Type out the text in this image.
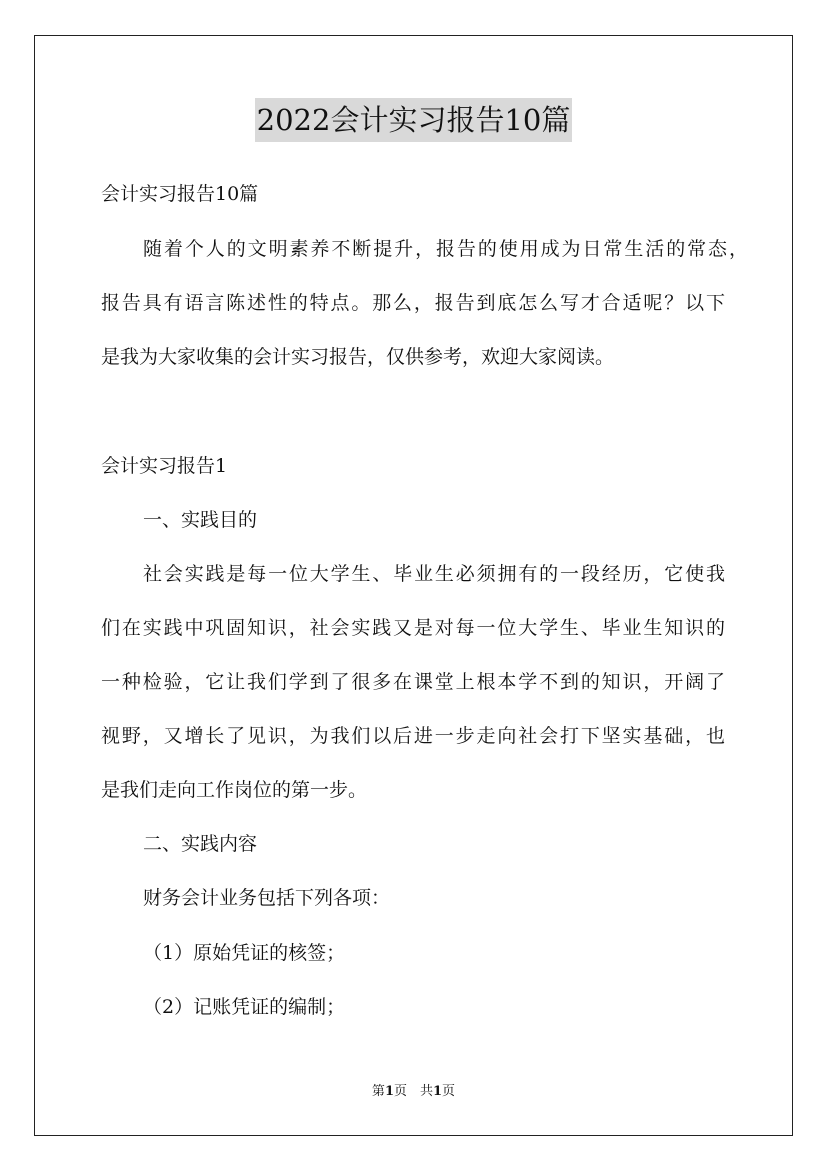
2022会计实习报告10篇
会计实习报告10篇
随着个人的文明素养不断提升，报告的使用成为日常生活的常态，
报告具有语言陈述性的特点。那么，报告到底怎么写才合适呢？以下
是我为大家收集的会计实习报告，仅供参考，欢迎大家阅读。
会计实习报告1
一、实践目的
社会实践是每一位大学生、毕业生必须拥有的一段经历，它使我
们在实践中巩固知识，社会实践又是对每一位大学生、毕业生知识的
一种检验，它让我们学到了很多在课堂上根本学不到的知识，开阔了
视野，又增长了见识，为我们以后进一步走向社会打下坚实基础，也
是我们走向工作岗位的第一步。
二、实践内容
财务会计业务包括下列各项：
（1）原始凭证的核签；
（2）记账凭证的编制；
第1页　共1页
